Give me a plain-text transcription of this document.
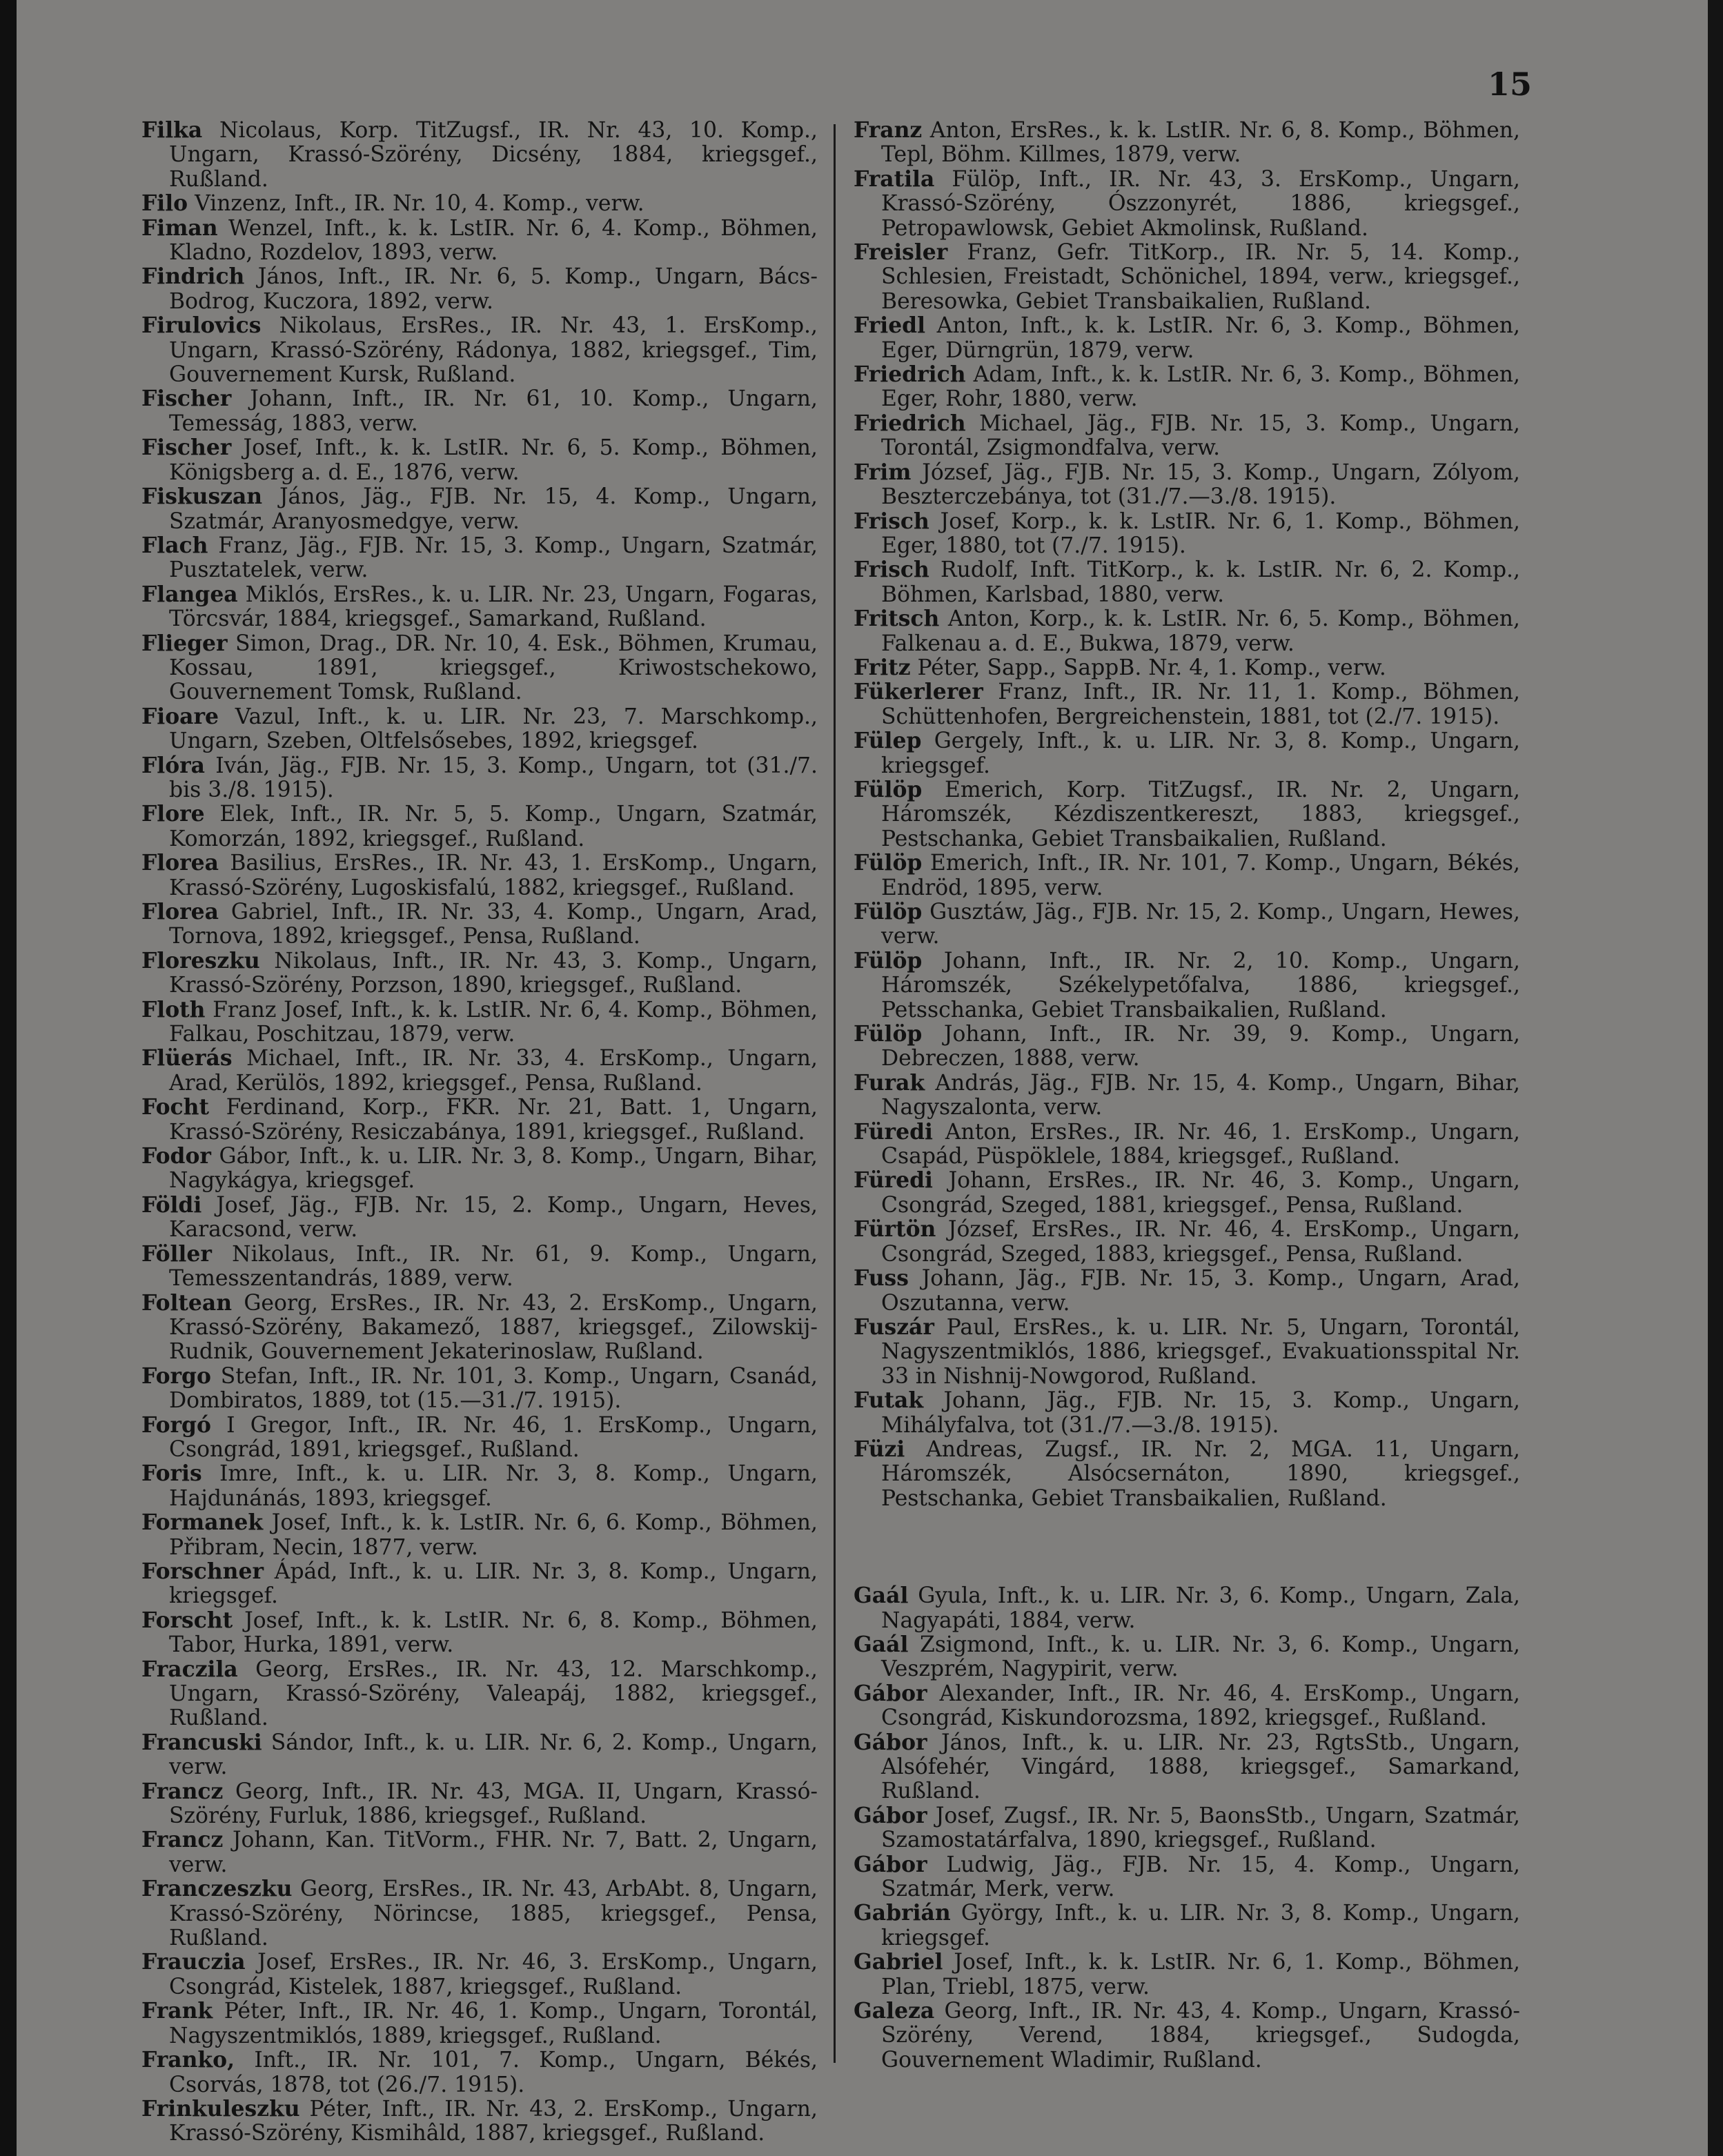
15

Filka Nicolaus, Korp. TitZugsf., IR. Nr. 43, 10. Komp., Ungarn, Krassó-Szörény, Dicsény, 1884, kriegsgef., Rußland.

Filo Vinzenz, Inft., IR. Nr. 10, 4. Komp., verw.

Fiman Wenzel, Inft., k. k. LstIR. Nr. 6, 4. Komp., Böhmen, Kladno, Rozdelov, 1893, verw.

Findrich János, Inft., IR. Nr. 6, 5. Komp., Ungarn, Bács-Bodrog, Kuczora, 1892, verw.

Firulovics Nikolaus, ErsRes., IR. Nr. 43, 1. ErsKomp., Ungarn, Krassó-Szörény, Rádonya, 1882, kriegsgef., Tim, Gouvernement Kursk, Rußland.

Fischer Johann, Inft., IR. Nr. 61, 10. Komp., Ungarn, Temesság, 1883, verw.

Fischer Josef, Inft., k. k. LstIR. Nr. 6, 5. Komp., Böhmen, Königsberg a. d. E., 1876, verw.

Fiskuszan János, Jäg., FJB. Nr. 15, 4. Komp., Ungarn, Szatmár, Aranyosmedgye, verw.

Flach Franz, Jäg., FJB. Nr. 15, 3. Komp., Ungarn, Szatmár, Pusztatelek, verw.

Flangea Miklós, ErsRes., k. u. LIR. Nr. 23, Ungarn, Fogaras, Törcsvár, 1884, kriegsgef., Samarkand, Rußland.

Flieger Simon, Drag., DR. Nr. 10, 4. Esk., Böhmen, Krumau, Kossau, 1891, kriegsgef., Kriwostschekowo, Gouvernement Tomsk, Rußland.

Fioare Vazul, Inft., k. u. LIR. Nr. 23, 7. Marschkomp., Ungarn, Szeben, Oltfelsősebes, 1892, kriegsgef.

Flóra Iván, Jäg., FJB. Nr. 15, 3. Komp., Ungarn, tot (31./7. bis 3./8. 1915).

Flore Elek, Inft., IR. Nr. 5, 5. Komp., Ungarn, Szatmár, Komorzán, 1892, kriegsgef., Rußland.

Florea Basilius, ErsRes., IR. Nr. 43, 1. ErsKomp., Ungarn, Krassó-Szörény, Lugoskisfalú, 1882, kriegsgef., Rußland.

Florea Gabriel, Inft., IR. Nr. 33, 4. Komp., Ungarn, Arad, Tornova, 1892, kriegsgef., Pensa, Rußland.

Floreszku Nikolaus, Inft., IR. Nr. 43, 3. Komp., Ungarn, Krassó-Szörény, Porzson, 1890, kriegsgef., Rußland.

Floth Franz Josef, Inft., k. k. LstIR. Nr. 6, 4. Komp., Böhmen, Falkau, Poschitzau, 1879, verw.

Flüerás Michael, Inft., IR. Nr. 33, 4. ErsKomp., Ungarn, Arad, Kerülös, 1892, kriegsgef., Pensa, Rußland.

Focht Ferdinand, Korp., FKR. Nr. 21, Batt. 1, Ungarn, Krassó-Szörény, Resiczabánya, 1891, kriegsgef., Rußland.

Fodor Gábor, Inft., k. u. LIR. Nr. 3, 8. Komp., Ungarn, Bihar, Nagykágya, kriegsgef.

Földi Josef, Jäg., FJB. Nr. 15, 2. Komp., Ungarn, Heves, Karacsond, verw.

Föller Nikolaus, Inft., IR. Nr. 61, 9. Komp., Ungarn, Temesszentandrás, 1889, verw.

Foltean Georg, ErsRes., IR. Nr. 43, 2. ErsKomp., Ungarn, Krassó-Szörény, Bakamező, 1887, kriegsgef., Zilowskij-Rudnik, Gouvernement Jekaterinoslaw, Rußland.

Forgo Stefan, Inft., IR. Nr. 101, 3. Komp., Ungarn, Csanád, Dombiratos, 1889, tot (15.—31./7. 1915).

Forgó I Gregor, Inft., IR. Nr. 46, 1. ErsKomp., Ungarn, Csongrád, 1891, kriegsgef., Rußland.

Foris Imre, Inft., k. u. LIR. Nr. 3, 8. Komp., Ungarn, Hajdunánás, 1893, kriegsgef.

Formanek Josef, Inft., k. k. LstIR. Nr. 6, 6. Komp., Böhmen, Přibram, Necin, 1877, verw.

Forschner Ápád, Inft., k. u. LIR. Nr. 3, 8. Komp., Ungarn, kriegsgef.

Forscht Josef, Inft., k. k. LstIR. Nr. 6, 8. Komp., Böhmen, Tabor, Hurka, 1891, verw.

Fraczila Georg, ErsRes., IR. Nr. 43, 12. Marschkomp., Ungarn, Krassó-Szörény, Valeapáj, 1882, kriegsgef., Rußland.

Francuski Sándor, Inft., k. u. LIR. Nr. 6, 2. Komp., Ungarn, verw.

Francz Georg, Inft., IR. Nr. 43, MGA. II, Ungarn, Krassó-Szörény, Furluk, 1886, kriegsgef., Rußland.

Francz Johann, Kan. TitVorm., FHR. Nr. 7, Batt. 2, Ungarn, verw.

Franczeszku Georg, ErsRes., IR. Nr. 43, ArbAbt. 8, Ungarn, Krassó-Szörény, Nörincse, 1885, kriegsgef., Pensa, Rußland.

Frauczia Josef, ErsRes., IR. Nr. 46, 3. ErsKomp., Ungarn, Csongrád, Kistelek, 1887, kriegsgef., Rußland.

Frank Péter, Inft., IR. Nr. 46, 1. Komp., Ungarn, Torontál, Nagyszentmiklós, 1889, kriegsgef., Rußland.

Franko, Inft., IR. Nr. 101, 7. Komp., Ungarn, Békés, Csorvás, 1878, tot (26./7. 1915).

Frinkuleszku Péter, Inft., IR. Nr. 43, 2. ErsKomp., Ungarn, Krassó-Szörény, Kismihâld, 1887, kriegsgef., Rußland.

Franz Anton, ErsRes., k. k. LstIR. Nr. 6, 8. Komp., Böhmen, Tepl, Böhm. Killmes, 1879, verw.

Fratila Fülöp, Inft., IR. Nr. 43, 3. ErsKomp., Ungarn, Krassó-Szörény, Ószzonyrét, 1886, kriegsgef., Petropawlowsk, Gebiet Akmolinsk, Rußland.

Freisler Franz, Gefr. TitKorp., IR. Nr. 5, 14. Komp., Schlesien, Freistadt, Schönichel, 1894, verw., kriegsgef., Beresowka, Gebiet Transbaikalien, Rußland.

Friedl Anton, Inft., k. k. LstIR. Nr. 6, 3. Komp., Böhmen, Eger, Dürngrün, 1879, verw.

Friedrich Adam, Inft., k. k. LstIR. Nr. 6, 3. Komp., Böhmen, Eger, Rohr, 1880, verw.

Friedrich Michael, Jäg., FJB. Nr. 15, 3. Komp., Ungarn, Torontál, Zsigmondfalva, verw.

Frim József, Jäg., FJB. Nr. 15, 3. Komp., Ungarn, Zólyom, Beszterczebánya, tot (31./7.—3./8. 1915).

Frisch Josef, Korp., k. k. LstIR. Nr. 6, 1. Komp., Böhmen, Eger, 1880, tot (7./7. 1915).

Frisch Rudolf, Inft. TitKorp., k. k. LstIR. Nr. 6, 2. Komp., Böhmen, Karlsbad, 1880, verw.

Fritsch Anton, Korp., k. k. LstIR. Nr. 6, 5. Komp., Böhmen, Falkenau a. d. E., Bukwa, 1879, verw.

Fritz Péter, Sapp., SappB. Nr. 4, 1. Komp., verw.

Fükerlerer Franz, Inft., IR. Nr. 11, 1. Komp., Böhmen, Schüttenhofen, Bergreichenstein, 1881, tot (2./7. 1915).

Fülep Gergely, Inft., k. u. LIR. Nr. 3, 8. Komp., Ungarn, kriegsgef.

Fülöp Emerich, Korp. TitZugsf., IR. Nr. 2, Ungarn, Háromszék, Kézdiszentkereszt, 1883, kriegsgef., Pestschanka, Gebiet Transbaikalien, Rußland.

Fülöp Emerich, Inft., IR. Nr. 101, 7. Komp., Ungarn, Békés, Endröd, 1895, verw.

Fülöp Gusztáw, Jäg., FJB. Nr. 15, 2. Komp., Ungarn, Hewes, verw.

Fülöp Johann, Inft., IR. Nr. 2, 10. Komp., Ungarn, Háromszék, Székelypetőfalva, 1886, kriegsgef., Petsschanka, Gebiet Transbaikalien, Rußland.

Fülöp Johann, Inft., IR. Nr. 39, 9. Komp., Ungarn, Debreczen, 1888, verw.

Furak András, Jäg., FJB. Nr. 15, 4. Komp., Ungarn, Bihar, Nagyszalonta, verw.

Füredi Anton, ErsRes., IR. Nr. 46, 1. ErsKomp., Ungarn, Csapád, Püspöklele, 1884, kriegsgef., Rußland.

Füredi Johann, ErsRes., IR. Nr. 46, 3. Komp., Ungarn, Csongrád, Szeged, 1881, kriegsgef., Pensa, Rußland.

Fürtön József, ErsRes., IR. Nr. 46, 4. ErsKomp., Ungarn, Csongrád, Szeged, 1883, kriegsgef., Pensa, Rußland.

Fuss Johann, Jäg., FJB. Nr. 15, 3. Komp., Ungarn, Arad, Oszutanna, verw.

Fuszár Paul, ErsRes., k. u. LIR. Nr. 5, Ungarn, Torontál, Nagyszentmiklós, 1886, kriegsgef., Evakuationsspital Nr. 33 in Nishnij-Nowgorod, Rußland.

Futak Johann, Jäg., FJB. Nr. 15, 3. Komp., Ungarn, Mihályfalva, tot (31./7.—3./8. 1915).

Füzi Andreas, Zugsf., IR. Nr. 2, MGA. 11, Ungarn, Háromszék, Alsócsernáton, 1890, kriegsgef., Pestschanka, Gebiet Transbaikalien, Rußland.

Gaál Gyula, Inft., k. u. LIR. Nr. 3, 6. Komp., Ungarn, Zala, Nagyapáti, 1884, verw.

Gaál Zsigmond, Inft., k. u. LIR. Nr. 3, 6. Komp., Ungarn, Veszprém, Nagypirit, verw.

Gábor Alexander, Inft., IR. Nr. 46, 4. ErsKomp., Ungarn, Csongrád, Kiskundorozsma, 1892, kriegsgef., Rußland.

Gábor János, Inft., k. u. LIR. Nr. 23, RgtsStb., Ungarn, Alsófehér, Vingárd, 1888, kriegsgef., Samarkand, Rußland.

Gábor Josef, Zugsf., IR. Nr. 5, BaonsStb., Ungarn, Szatmár, Szamostatárfalva, 1890, kriegsgef., Rußland.

Gábor Ludwig, Jäg., FJB. Nr. 15, 4. Komp., Ungarn, Szatmár, Merk, verw.

Gabrián György, Inft., k. u. LIR. Nr. 3, 8. Komp., Ungarn, kriegsgef.

Gabriel Josef, Inft., k. k. LstIR. Nr. 6, 1. Komp., Böhmen, Plan, Triebl, 1875, verw.

Galeza Georg, Inft., IR. Nr. 43, 4. Komp., Ungarn, Krassó-Szörény, Verend, 1884, kriegsgef., Sudogda, Gouvernement Wladimir, Rußland.
